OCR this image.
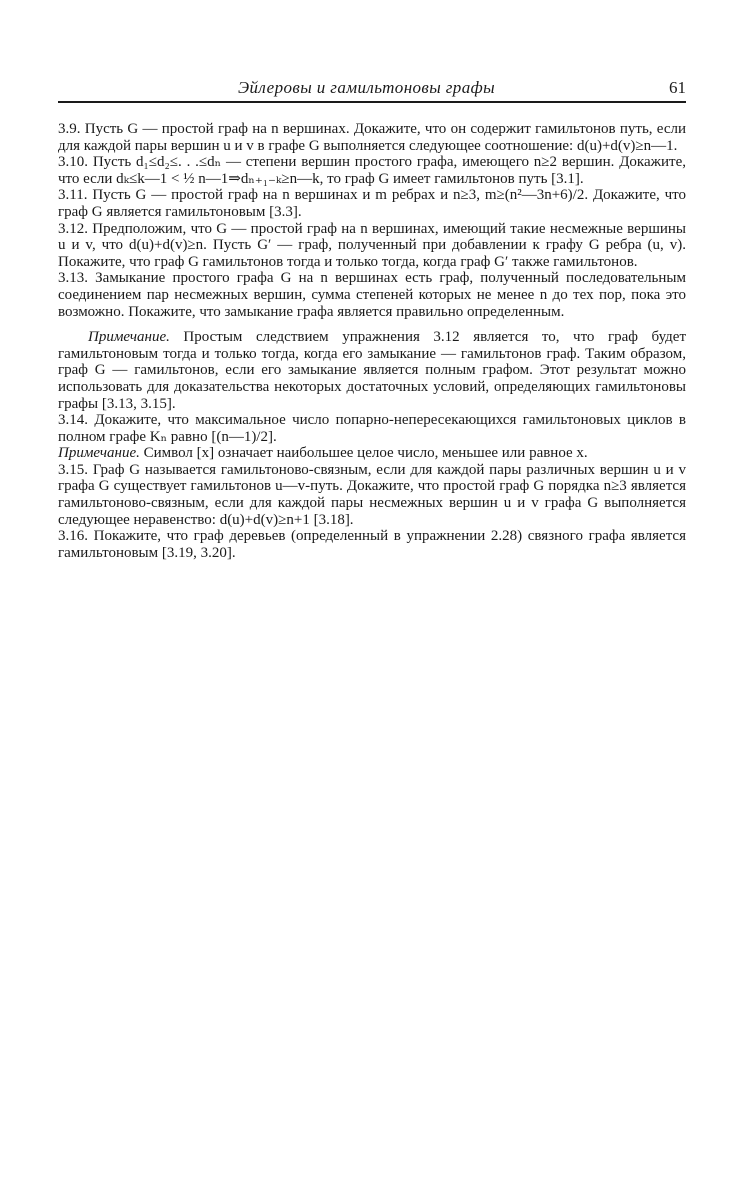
Эйлеровы и гамильтоновы графы	61

3.9. Пусть G — простой граф на n вершинах. Докажите, что он содержит гамильтонов путь, если для каждой пары вершин u и v в графе G выполняется следующее соотношение: d(u)+d(v)≥n—1.

3.10. Пусть d₁≤d₂≤. . .≤dₙ — степени вершин простого графа, имеющего n≥2 вершин. Докажите, что если dₖ≤k—1 < ½ n—1⇒dₙ₊₁₋ₖ≥n—k, то граф G имеет гамильтонов путь [3.1].

3.11. Пусть G — простой граф на n вершинах и m ребрах и n≥3, m≥(n²—3n+6)/2. Докажите, что граф G является гамильтоновым [3.3].

3.12. Предположим, что G — простой граф на n вершинах, имеющий такие несмежные вершины u и v, что d(u)+d(v)≥n. Пусть G′ — граф, полученный при добавлении к графу G ребра (u, v). Покажите, что граф G гамильтонов тогда и только тогда, когда граф G′ также гамильтонов.

3.13. Замыкание простого графа G на n вершинах есть граф, полученный последовательным соединением пар несмежных вершин, сумма степеней которых не менее n до тех пор, пока это возможно. Покажите, что замыкание графа является правильно определенным.

Примечание. Простым следствием упражнения 3.12 является то, что граф будет гамильтоновым тогда и только тогда, когда его замыкание — гамильтонов граф. Таким образом, граф G — гамильтонов, если его замыкание является полным графом. Этот результат можно использовать для доказательства некоторых достаточных условий, определяющих гамильтоновы графы [3.13, 3.15].

3.14. Докажите, что максимальное число попарно-непересекающихся гамильтоновых циклов в полном графе Kₙ равно [(n—1)/2].

Примечание. Символ [x] означает наибольшее целое число, меньшее или равное x.

3.15. Граф G называется гамильтоново-связным, если для каждой пары различных вершин u и v графа G существует гамильтонов u—v-путь. Докажите, что простой граф G порядка n≥3 является гамильтоново-связным, если для каждой пары несмежных вершин u и v графа G выполняется следующее неравенство: d(u)+d(v)≥n+1 [3.18].

3.16. Покажите, что граф деревьев (определенный в упражнении 2.28) связного графа является гамильтоновым [3.19, 3.20].
